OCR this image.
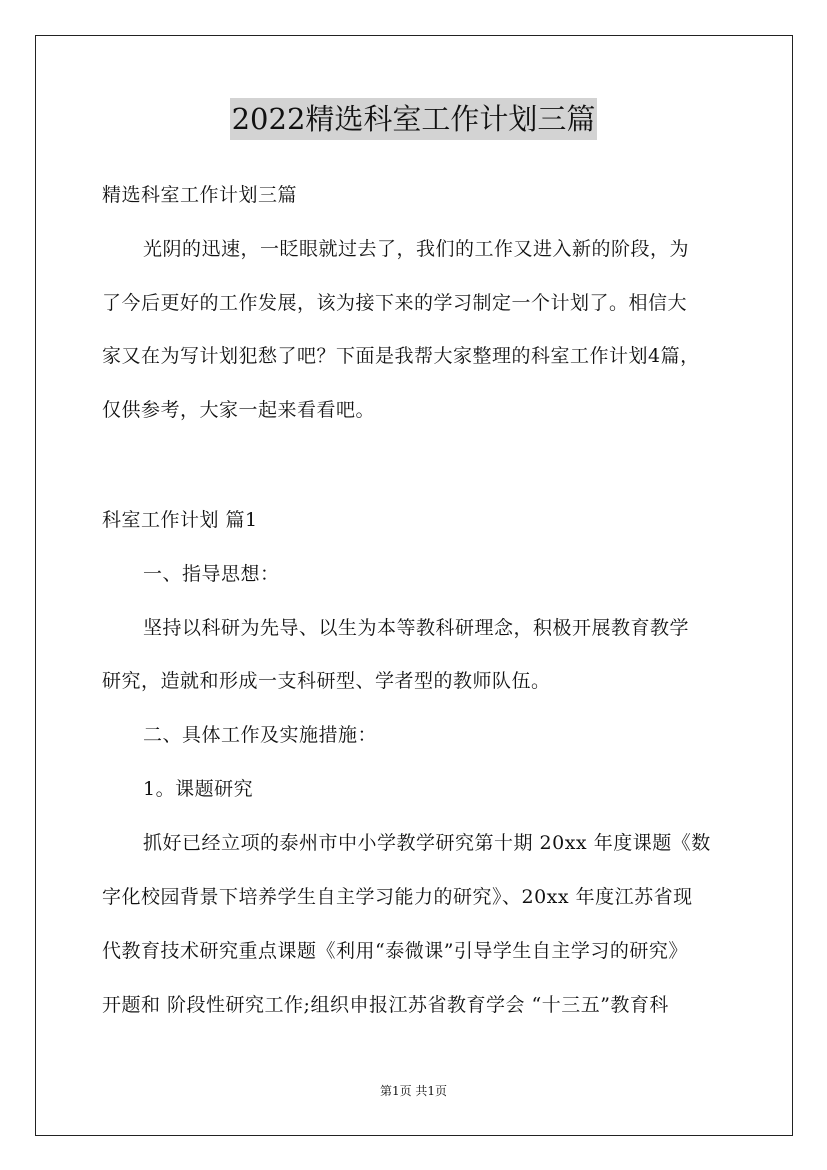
2022精选科室工作计划三篇
精选科室工作计划三篇
光阴的迅速，一眨眼就过去了，我们的工作又进入新的阶段，为
了今后更好的工作发展，该为接下来的学习制定一个计划了。相信大
家又在为写计划犯愁了吧？下面是我帮大家整理的科室工作计划4篇，
仅供参考，大家一起来看看吧。
科室工作计划 篇1
一、指导思想：
坚持以科研为先导、以生为本等教科研理念，积极开展教育教学
研究，造就和形成一支科研型、学者型的教师队伍。
二、具体工作及实施措施：
1。课题研究
抓好已经立项的泰州市中小学教学研究第十期 20xx 年度课题《数
字化校园背景下培养学生自主学习能力的研究》、20xx 年度江苏省现
代教育技术研究重点课题《利用“泰微课”引导学生自主学习的研究》
开题和 阶段性研究工作;组织申报江苏省教育学会 “十三五”教育科
第1页 共1页
